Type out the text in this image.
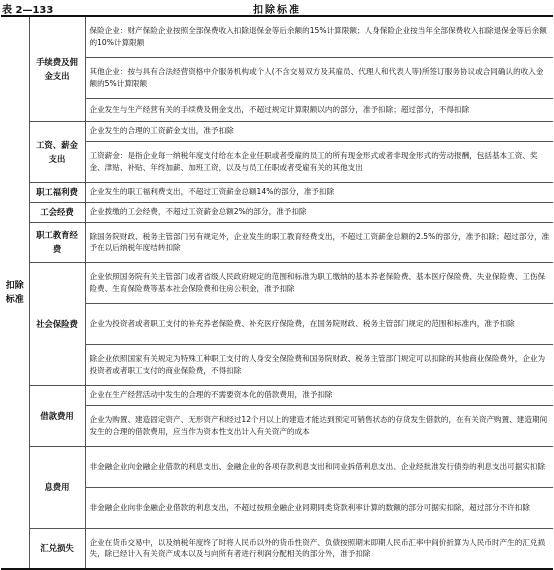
表 2—133	扣除标准
扣除标准	手续费及佣金支出	保险企业：财产保险企业按照全部保费收入扣除退保金等后余额的15%计算限额；人身保险企业按当年全部保费收入扣除退保金等后余额的10%计算限额
		其他企业：按与具有合法经营资格中介服务机构或个人(不含交易双方及其雇员、代理人和代表人等)所签订服务协议或合同确认的收入金额的5%计算限额
		企业发生与生产经营有关的手续费及佣金支出，不超过规定计算限额以内的部分，准予扣除；超过部分，不得扣除
	工资、薪金支出	企业发生的合理的工资薪金支出，准予扣除
		工资薪金：是指企业每一纳税年度支付给在本企业任职或者受雇的员工的所有现金形式或者非现金形式的劳动报酬，包括基本工资、奖金、津贴、补贴、年终加薪、加班工资，以及与员工任职或者受雇有关的其他支出
	职工福利费	企业发生的职工福利费支出，不超过工资薪金总额14%的部分，准予扣除
	工会经费	企业拨缴的工会经费，不超过工资薪金总额2%的部分，准予扣除
	职工教育经费	除国务院财政、税务主管部门另有规定外，企业发生的职工教育经费支出，不超过工资薪金总额的2.5%的部分，准予扣除；超过部分，准予在以后纳税年度结转扣除
	社会保险费	企业依照国务院有关主管部门或者省级人民政府规定的范围和标准为职工缴纳的基本养老保险费、基本医疗保险费、失业保险费、工伤保险费、生育保险费等基本社会保险费和住房公积金，准予扣除
		企业为投资者或者职工支付的补充养老保险费、补充医疗保险费，在国务院财政、税务主管部门规定的范围和标准内，准予扣除
		除企业依照国家有关规定为特殊工种职工支付的人身安全保险费和国务院财政、税务主管部门规定可以扣除的其他商业保险费外，企业为投资者或者职工支付的商业保险费，不得扣除
	借款费用	企业在生产经营活动中发生的合理的不需要资本化的借款费用，准予扣除
		企业为购置、建造固定资产、无形资产和经过12个月以上的建造才能达到预定可销售状态的存货发生借款的，在有关资产购置、建造期间发生的合理的借款费用，应当作为资本性支出计入有关资产的成本
	息费用	非金融企业向金融企业借款的利息支出、金融企业的各项存款利息支出和同业拆借利息支出、企业经批准发行债券的利息支出可据实扣除
		非金融企业向非金融企业借款的利息支出，不超过按照金融企业同期同类贷款利率计算的数额的部分可据实扣除，超过部分不许扣除
	汇兑损失	企业在货币交易中，以及纳税年度终了时将人民币以外的货币性资产、负债按照期末即期人民币汇率中间价折算为人民币时产生的汇兑损失，除已经计入有关资产成本以及与向所有者进行利润分配相关的部分外，准予扣除
